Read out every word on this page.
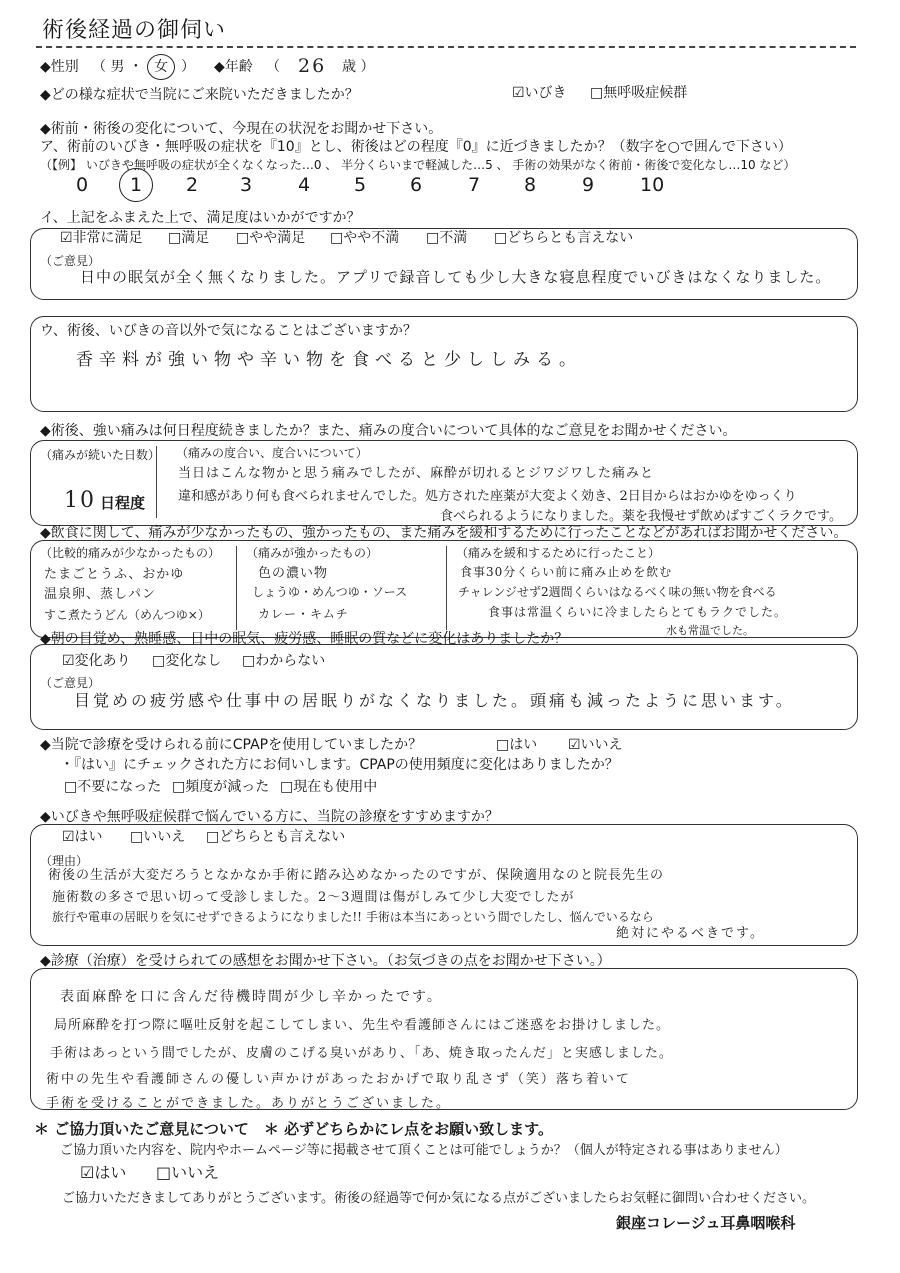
術後経過の御伺い
◆性別 （ 男 ・ 女 ） ◆年齢 （ 26 歳 ）
◆どの様な症状で当院にご来院いただきましたか？	☑いびき □無呼吸症候群
◆術前・術後の変化について、今現在の状況をお聞かせ下さい。
ア、術前のいびき・無呼吸の症状を『10』とし、術後はどの程度『0』に近づきましたか？（数字を○で囲んで下さい）
（【例】 いびきや無呼吸の症状が全くなくなった…0 、 半分くらいまで軽減した…5 、 手術の効果がなく術前・術後で変化なし…10 など）
0 1 2 3 4 5 6 7 8 9 10
イ、上記をふまえた上で、満足度はいかがですか？
☑非常に満足 □満足 □やや満足 □やや不満 □不満 □どちらとも言えない
（ご意見）
日中の眠気が全く無くなりました。アプリで録音しても少し大きな寝息程度でいびきはなくなりました。
ウ、術後、いびきの音以外で気になることはございますか？
香辛料が強い物や辛い物を食べると少ししみる。
◆術後、強い痛みは何日程度続きましたか？また、痛みの度合いについて具体的なご意見をお聞かせください。
（痛みが続いた日数）
10 日程度
（痛みの度合い、度合いについて）
当日はこんな物かと思う痛みでしたが、麻酔が切れるとジワジワした痛みと
違和感があり何も食べられませんでした。処方された座薬が大変よく効き、2日目からはおかゆをゆっくり
食べられるようになりました。薬を我慢せず飲めばすごくラクです。
◆飲食に関して、痛みが少なかったもの、強かったもの、また痛みを緩和するために行ったことなどがあればお聞かせください。
（比較的痛みが少なかったもの）
たまごとうふ、おかゆ
温泉卵、蒸しパン
すこ煮たうどん（めんつゆ×）
（痛みが強かったもの）
色の濃い物
しょうゆ・めんつゆ・ソース
カレー・キムチ
（痛みを緩和するために行ったこと）
食事30分くらい前に痛み止めを飲む
チャレンジせず2週間くらいはなるべく味の無い物を食べる
食事は常温くらいに冷ましたらとてもラクでした。
水も常温でした。
◆朝の目覚め、熟睡感、日中の眠気、疲労感、睡眠の質などに変化はありましたか？
☑変化あり □変化なし □わからない
（ご意見）
目覚めの疲労感や仕事中の居眠りがなくなりました。頭痛も減ったように思います。
◆当院で診療を受けられる前にCPAPを使用していましたか？	□はい ☑いいえ
・『はい』にチェックされた方にお伺いします。CPAPの使用頻度に変化はありましたか？
□不要になった □頻度が減った □現在も使用中
◆いびきや無呼吸症候群で悩んでいる方に、当院の診療をすすめますか？
☑はい □いいえ □どちらとも言えない
（理由）
術後の生活が大変だろうとなかなか手術に踏み込めなかったのですが、保険適用なのと院長先生の
施術数の多さで思い切って受診しました。2〜3週間は傷がしみて少し大変でしたが
旅行や電車の居眠りを気にせずできるようになりました!! 手術は本当にあっという間でしたし、悩んでいるなら
絶対にやるべきです。
◆診療（治療）を受けられての感想をお聞かせ下さい。（お気づきの点をお聞かせ下さい。）
表面麻酔を口に含んだ待機時間が少し辛かったです。
局所麻酔を打つ際に嘔吐反射を起こしてしまい、先生や看護師さんにはご迷惑をお掛けしました。
手術はあっという間でしたが、皮膚のこげる臭いがあり、「あ、焼き取ったんだ」と実感しました。
術中の先生や看護師さんの優しい声かけがあったおかげで取り乱さず（笑）落ち着いて
手術を受けることができました。ありがとうございました。
＊ ご協力頂いたご意見について　＊ 必ずどちらかにレ点をお願い致します。
ご協力頂いた内容を、院内やホームページ等に掲載させて頂くことは可能でしょうか？（個人が特定される事はありません）
☑はい □いいえ
ご協力いただきましてありがとうございます。術後の経過等で何か気になる点がございましたらお気軽に御問い合わせください。
銀座コレージュ耳鼻咽喉科
